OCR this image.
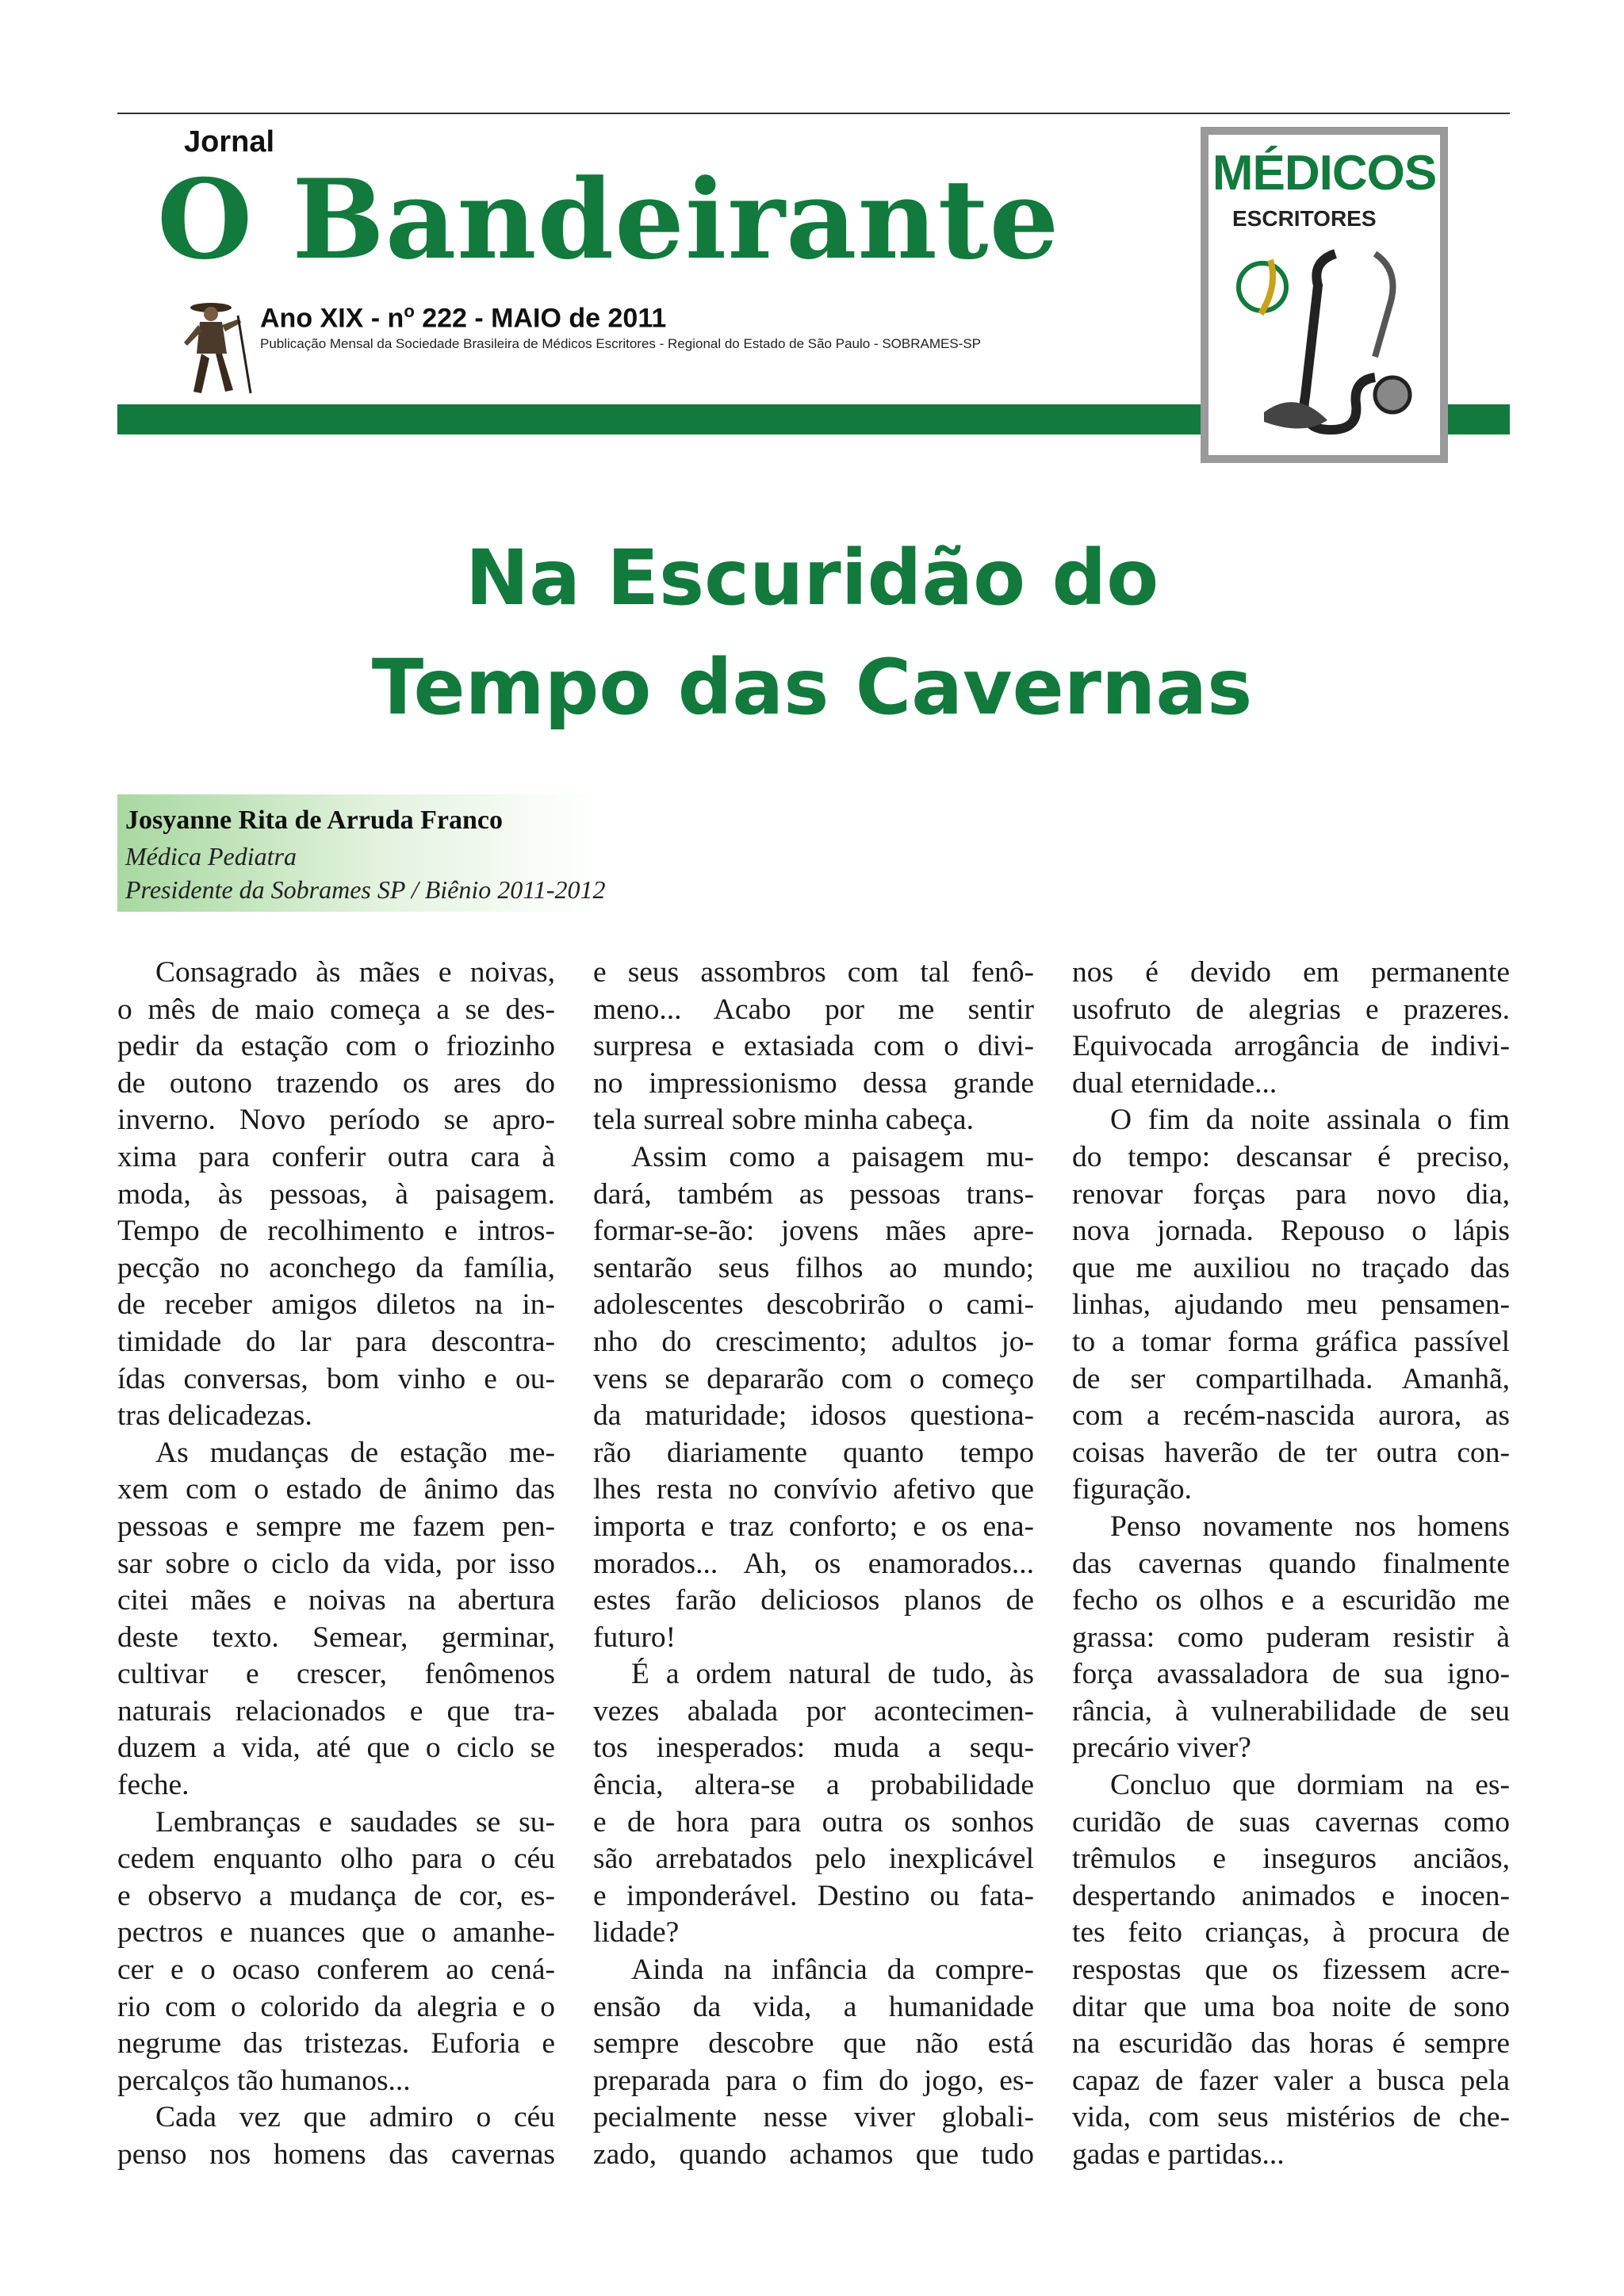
Jornal
O Bandeirante
Ano XIX - $n^o$ 222 - MAIO de 2011
Publicação Mensal da Sociedade Brasileira de Médicos Escritores - Regional do Estado de São Paulo - SOBRAMES-SP
MÉDICOS
ESCRITORES
Na Escuridão do
Tempo das Cavernas
Josyanne Rita de Arruda Franco
Médica Pediatra
Presidente da Sobrames SP / Biênio 2011-2012
Consagrado às mães e noivas,
o mês de maio começa a se des-
pedir da estação com o friozinho
de outono trazendo os ares do
inverno. Novo período se apro-
xima para conferir outra cara à
moda, às pessoas, à paisagem.
Tempo de recolhimento e intros-
pecção no aconchego da família,
de receber amigos diletos na in-
timidade do lar para descontra-
ídas conversas, bom vinho e ou-
tras delicadezas.
As mudanças de estação me-
xem com o estado de ânimo das
pessoas e sempre me fazem pen-
sar sobre o ciclo da vida, por isso
citei mães e noivas na abertura
deste texto. Semear, germinar,
cultivar e crescer, fenômenos
naturais relacionados e que tra-
duzem a vida, até que o ciclo se
feche.
Lembranças e saudades se su-
cedem enquanto olho para o céu
e observo a mudança de cor, es-
pectros e nuances que o amanhe-
cer e o ocaso conferem ao cená-
rio com o colorido da alegria e o
negrume das tristezas. Euforia e
percalços tão humanos...
Cada vez que admiro o céu
penso nos homens das cavernas
e seus assombros com tal fenô-
meno... Acabo por me sentir
surpresa e extasiada com o divi-
no impressionismo dessa grande
tela surreal sobre minha cabeça.
Assim como a paisagem mu-
dará, também as pessoas trans-
formar-se-ão: jovens mães apre-
sentarão seus filhos ao mundo;
adolescentes descobrirão o cami-
nho do crescimento; adultos jo-
vens se depararão com o começo
da maturidade; idosos questiona-
rão diariamente quanto tempo
lhes resta no convívio afetivo que
importa e traz conforto; e os ena-
morados... Ah, os enamorados...
estes farão deliciosos planos de
futuro!
É a ordem natural de tudo, às
vezes abalada por acontecimen-
tos inesperados: muda a sequ-
ência, altera-se a probabilidade
e de hora para outra os sonhos
são arrebatados pelo inexplicável
e imponderável. Destino ou fata-
lidade?
Ainda na infância da compre-
ensão da vida, a humanidade
sempre descobre que não está
preparada para o fim do jogo, es-
pecialmente nesse viver globali-
zado, quando achamos que tudo
nos é devido em permanente
usofruto de alegrias e prazeres.
Equivocada arrogância de indivi-
dual eternidade...
O fim da noite assinala o fim
do tempo: descansar é preciso,
renovar forças para novo dia,
nova jornada. Repouso o lápis
que me auxiliou no traçado das
linhas, ajudando meu pensamen-
to a tomar forma gráfica passível
de ser compartilhada. Amanhã,
com a recém-nascida aurora, as
coisas haverão de ter outra con-
figuração.
Penso novamente nos homens
das cavernas quando finalmente
fecho os olhos e a escuridão me
grassa: como puderam resistir à
força avassaladora de sua igno-
rância, à vulnerabilidade de seu
precário viver?
Concluo que dormiam na es-
curidão de suas cavernas como
trêmulos e inseguros anciãos,
despertando animados e inocen-
tes feito crianças, à procura de
respostas que os fizessem acre-
ditar que uma boa noite de sono
na escuridão das horas é sempre
capaz de fazer valer a busca pela
vida, com seus mistérios de che-
gadas e partidas...
